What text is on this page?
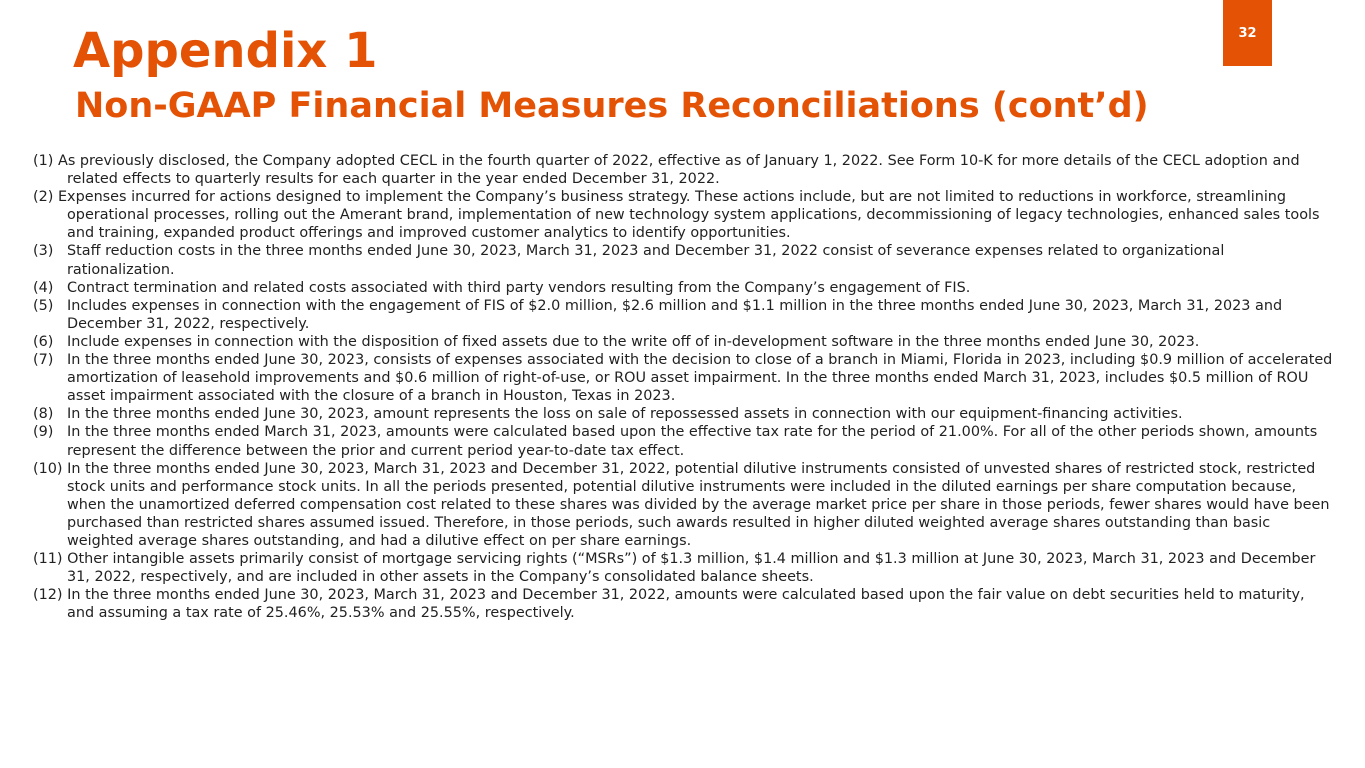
32
Appendix 1
Non-GAAP Financial Measures Reconciliations (cont’d)
(1) As previously disclosed, the Company adopted CECL in the fourth quarter of 2022, effective as of January 1, 2022. See Form 10-K for more details of the CECL adoption and related effects to quarterly results for each quarter in the year ended December 31, 2022.
(2) Expenses incurred for actions designed to implement the Company’s business strategy. These actions include, but are not limited to reductions in workforce, streamlining operational processes, rolling out the Amerant brand, implementation of new technology system applications, decommissioning of legacy technologies, enhanced sales tools and training, expanded product offerings and improved customer analytics to identify opportunities.
(3) Staff reduction costs in the three months ended June 30, 2023, March 31, 2023 and December 31, 2022 consist of severance expenses related to organizational rationalization.
(4) Contract termination and related costs associated with third party vendors resulting from the Company’s engagement of FIS.
(5) Includes expenses in connection with the engagement of FIS of $2.0 million, $2.6 million and $1.1 million in the three months ended June 30, 2023, March 31, 2023 and December 31, 2022, respectively.
(6) Include expenses in connection with the disposition of fixed assets due to the write off of in-development software in the three months ended June 30, 2023.
(7) In the three months ended June 30, 2023, consists of expenses associated with the decision to close of a branch in Miami, Florida in 2023, including $0.9 million of accelerated amortization of leasehold improvements and $0.6 million of right-of-use, or ROU asset impairment. In the three months ended March 31, 2023, includes $0.5 million of ROU asset impairment associated with the closure of a branch in Houston, Texas in 2023.
(8) In the three months ended June 30, 2023, amount represents the loss on sale of repossessed assets in connection with our equipment-financing activities.
(9) In the three months ended March 31, 2023, amounts were calculated based upon the effective tax rate for the period of 21.00%. For all of the other periods shown, amounts represent the difference between the prior and current period year-to-date tax effect.
(10) In the three months ended June 30, 2023, March 31, 2023 and December 31, 2022, potential dilutive instruments consisted of unvested shares of restricted stock, restricted stock units and performance stock units. In all the periods presented, potential dilutive instruments were included in the diluted earnings per share computation because, when the unamortized deferred compensation cost related to these shares was divided by the average market price per share in those periods, fewer shares would have been purchased than restricted shares assumed issued. Therefore, in those periods, such awards resulted in higher diluted weighted average shares outstanding than basic weighted average shares outstanding, and had a dilutive effect on per share earnings.
(11) Other intangible assets primarily consist of mortgage servicing rights (“MSRs”) of $1.3 million, $1.4 million and $1.3 million at June 30, 2023, March 31, 2023 and December 31, 2022, respectively, and are included in other assets in the Company’s consolidated balance sheets.
(12) In the three months ended June 30, 2023, March 31, 2023 and December 31, 2022, amounts were calculated based upon the fair value on debt securities held to maturity, and assuming a tax rate of 25.46%, 25.53% and 25.55%, respectively.
